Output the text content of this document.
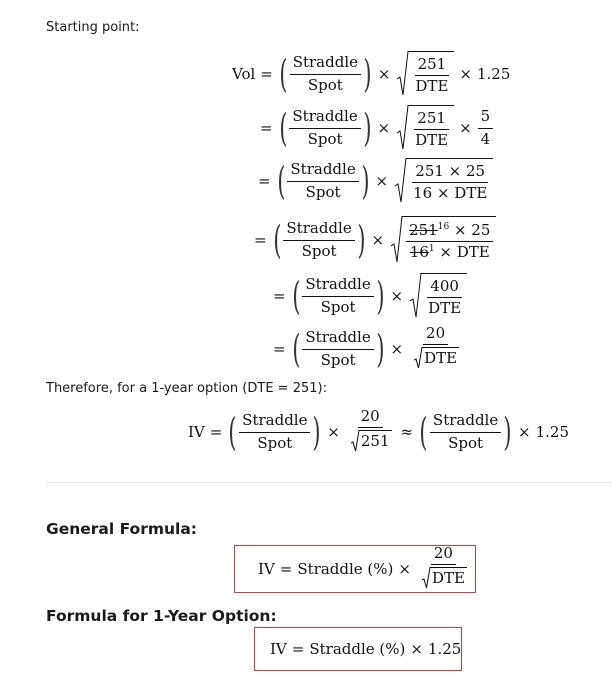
Starting point:
Therefore, for a 1-year option (DTE = 251):
General Formula:
Formula for 1-Year Option:
Vol = ( $\frac{\text{Straddle}}{\text{Spot}}$ ) × $\frac{251}{\text{DTE}} \times 1.25$
= ( $\frac{\text{Straddle}}{\text{Spot}}$ ) × $\frac{251}{\text{DTE}} \times \frac{5}{4}$
= ( $\frac{\text{Straddle}}{\text{Spot}}$ ) × $\frac{251 \times 25}{\text{16 × DTE}}$
= ( $\frac{\text{Straddle}}{\text{Spot}}$ ) × $\frac{251^{16} \times 25}{16^1 \times DTE}$
= ( $\frac{\text{Straddle}}{\text{Spot}}$ ) × $\frac{400}{\text{DTE}}$
= ( $\frac{\text{Straddle}}{\text{Spot}}$ ) × $\frac{20}{\text{DTE}}$
IV = ( $\frac{\text{Straddle}}{\text{Spot}}$ ) × $\frac{20}{251}$ ≈ ( $\frac{\text{Straddle}}{\text{Spot}}$ ) × 1.25
IV = Straddle (%) × $\frac{20}{\text{DTE}}$
IV = Straddle (%) × 1.25
